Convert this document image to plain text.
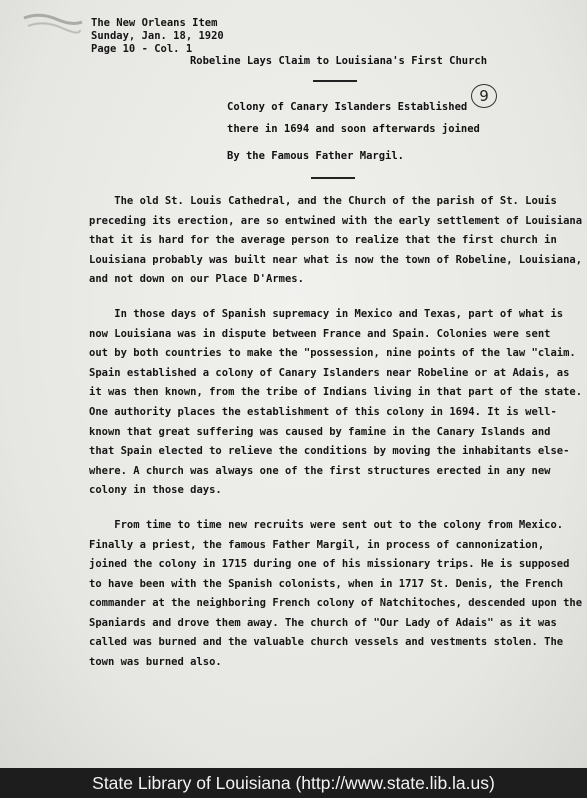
The New Orleans Item
Sunday, Jan. 18, 1920
Page 10 - Col. 1
Robeline Lays Claim to Louisiana's First Church
Colony of Canary Islanders Established
there in 1694 and soon afterwards joined
By the Famous Father Margil.
9

The old St. Louis Cathedral, and the Church of the parish of St. Louis

preceding its erection, are so entwined with the early settlement of Louisiana

that it is hard for the average person to realize that the first church in

Louisiana probably was built near what is now the town of Robeline, Louisiana,

and not down on our Place D'Armes.

In those days of Spanish supremacy in Mexico and Texas, part of what is

now Louisiana was in dispute between France and Spain. Colonies were sent

out by both countries to make the "possession, nine points of the law "claim.

Spain established a colony of Canary Islanders near Robeline or at Adais, as

it was then known, from the tribe of Indians living in that part of the state.

One authority places the establishment of this colony in 1694. It is well-

known that great suffering was caused by famine in the Canary Islands and

that Spain elected to relieve the conditions by moving the inhabitants else-

where. A church was always one of the first structures erected in any new

colony in those days.

From time to time new recruits were sent out to the colony from Mexico.

Finally a priest, the famous Father Margil, in process of cannonization,

joined the colony in 1715 during one of his missionary trips. He is supposed

to have been with the Spanish colonists, when in 1717 St. Denis, the French

commander at the neighboring French colony of Natchitoches, descended upon the

Spaniards and drove them away. The church of "Our Lady of Adais" as it was

called was burned and the valuable church vessels and vestments stolen. The

town was burned also.

State Library of Louisiana (http://www.state.lib.la.us)
